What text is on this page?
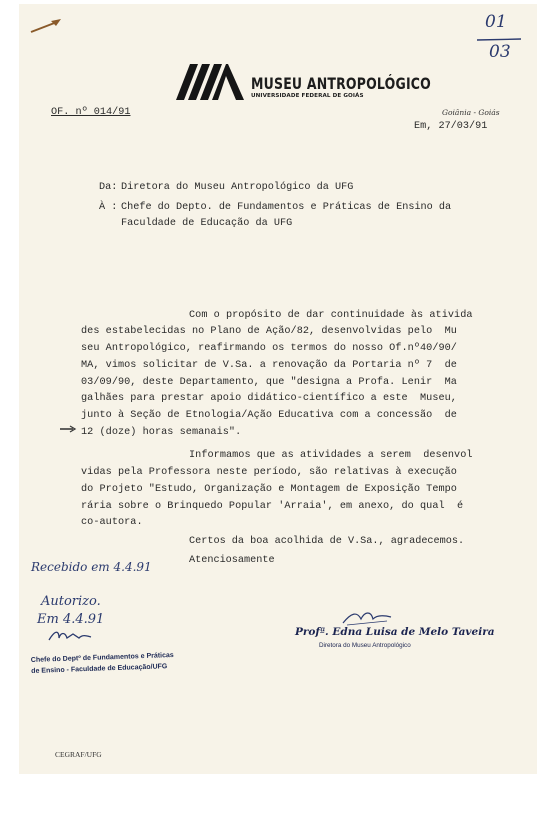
01
03
MUSEU ANTROPOLÓGICO
UNIVERSIDADE FEDERAL DE GOIÁS
OF. nº 014/91	Goiânia - Goiás
Em, 27/03/91
Da: Diretora do Museu Antropológico da UFG
À : Chefe do Depto. de Fundamentos e Práticas de Ensino da
Faculdade de Educação da UFG
Com o propósito de dar continuidade às ativida
des estabelecidas no Plano de Ação/82, desenvolvidas pelo  Mu
seu Antropológico, reafirmando os termos do nosso Of.nº40/90/
MA, vimos solicitar de V.Sa. a renovação da Portaria nº 7  de
03/09/90, deste Departamento, que "designa a Profa. Lenir  Ma
galhães para prestar apoio didático-científico a este  Museu,
junto à Seção de Etnologia/Ação Educativa com a concessão  de
12 (doze) horas semanais".
Informamos que as atividades a serem  desenvol
vidas pela Professora neste período, são relativas à execução
do Projeto "Estudo, Organização e Montagem de Exposição Tempo
rária sobre o Brinquedo Popular 'Arraia', em anexo, do qual  é
co-autora.
Certos da boa acolhida de V.Sa., agradecemos.
Atenciosamente
Recebido em 4.4.91
Autorizo.
Em 4.4.91
Chefe do Deptº de Fundamentos e Práticas
de Ensino - Faculdade de Educação/UFG
Profª. Edna Luisa de Melo Taveira
Diretora do Museu Antropológico
CEGRAF/UFG
